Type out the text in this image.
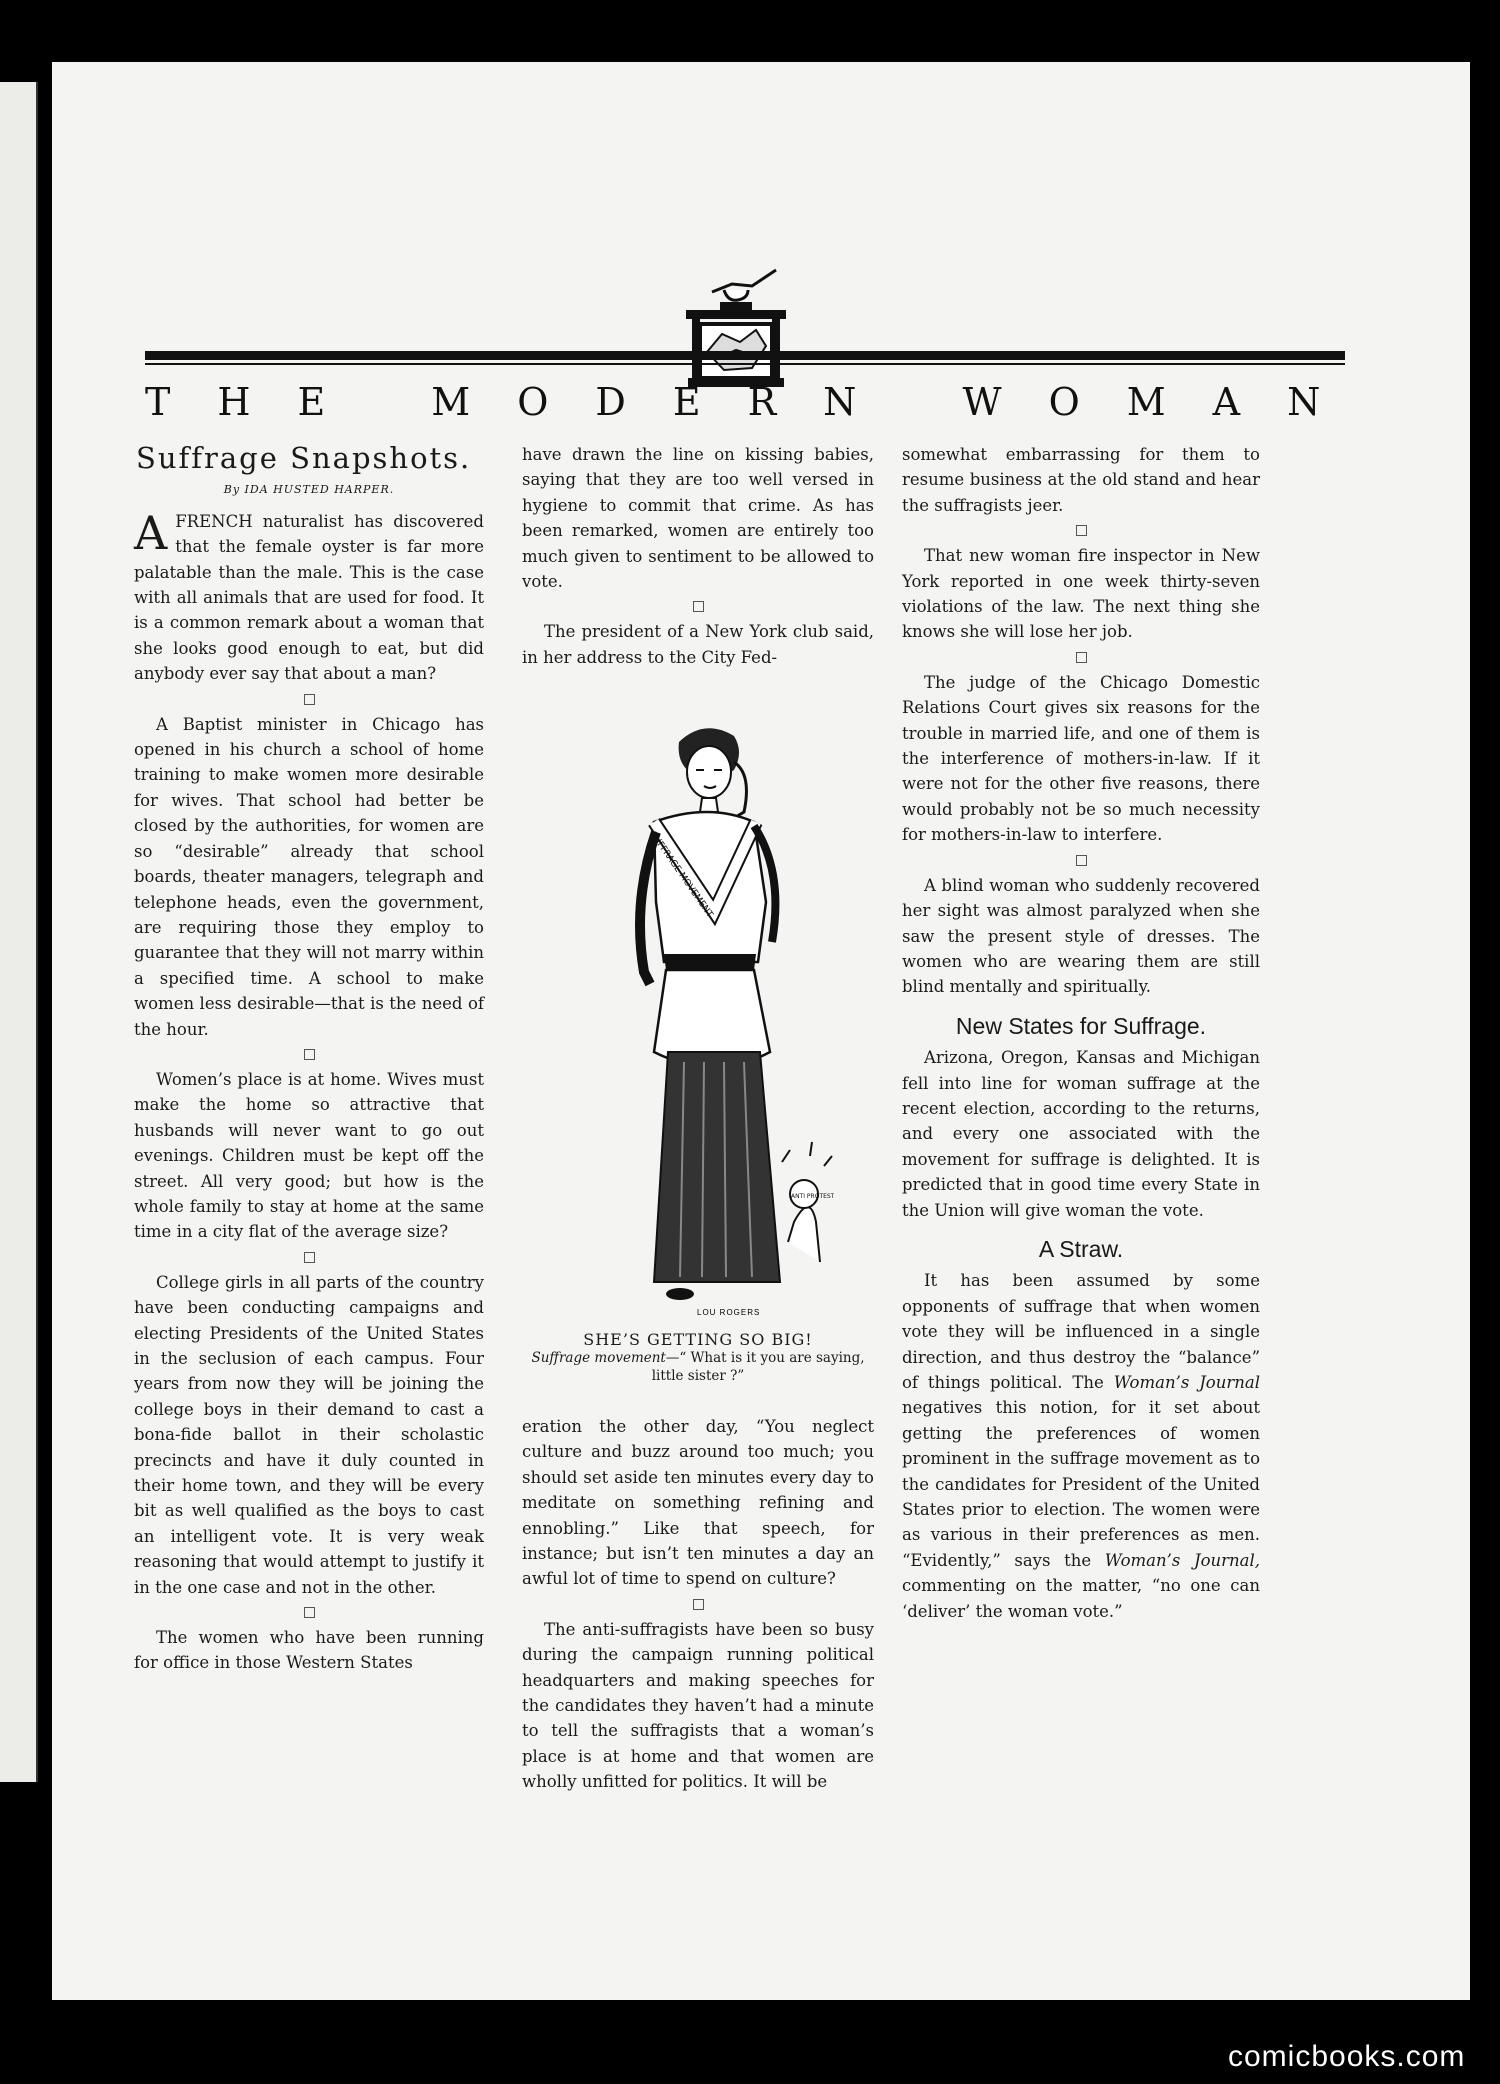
THE MODERN WOMAN
Suffrage Snapshots.
By IDA HUSTED HARPER.

AFRENCH naturalist has discovered that the female oyster is far more palatable than the male. This is the case with all animals that are used for food. It is a common remark about a woman that she looks good enough to eat, but did anybody ever say that about a man?

A Baptist minister in Chicago has opened in his church a school of home training to make women more desirable for wives. That school had better be closed by the authorities, for women are so “desirable” already that school boards, theater managers, telegraph and telephone heads, even the government, are requiring those they employ to guarantee that they will not marry within a specified time. A school to make women less desirable—that is the need of the hour.

Women’s place is at home. Wives must make the home so attractive that husbands will never want to go out evenings. Children must be kept off the street. All very good; but how is the whole family to stay at home at the same time in a city flat of the average size?

College girls in all parts of the country have been conducting campaigns and electing Presidents of the United States in the seclusion of each campus. Four years from now they will be joining the college boys in their demand to cast a bona-fide ballot in their scholastic precincts and have it duly counted in their home town, and they will be every bit as well qualified as the boys to cast an intelligent vote. It is very weak reasoning that would attempt to justify it in the one case and not in the other.

The women who have been running for office in those Western States

have drawn the line on kissing babies, saying that they are too well versed in hygiene to commit that crime. As has been remarked, women are entirely too much given to sentiment to be allowed to vote.

The president of a New York club said, in her address to the City Fed-

SUFFRAGE MOVEMENT
ANTI PROTEST
LOU ROGERS
SHE’S GETTING SO BIG!
Suffrage movement—“ What is it you are saying, little sister ?”

eration the other day, “You neglect culture and buzz around too much; you should set aside ten minutes every day to meditate on something refining and ennobling.” Like that speech, for instance; but isn’t ten minutes a day an awful lot of time to spend on culture?

The anti-suffragists have been so busy during the campaign running political headquarters and making speeches for the candidates they haven’t had a minute to tell the suffragists that a woman’s place is at home and that women are wholly unfitted for politics. It will be

somewhat embarrassing for them to resume business at the old stand and hear the suffragists jeer.

That new woman fire inspector in New York reported in one week thirty-seven violations of the law. The next thing she knows she will lose her job.

The judge of the Chicago Domestic Relations Court gives six reasons for the trouble in married life, and one of them is the interference of mothers-in-law. If it were not for the other five reasons, there would probably not be so much necessity for mothers-in-law to interfere.

A blind woman who suddenly recovered her sight was almost paralyzed when she saw the present style of dresses. The women who are wearing them are still blind mentally and spiritually.

New States for Suffrage.

Arizona, Oregon, Kansas and Michigan fell into line for woman suffrage at the recent election, according to the returns, and every one associated with the movement for suffrage is delighted. It is predicted that in good time every State in the Union will give woman the vote.

A Straw.

It has been assumed by some opponents of suffrage that when women vote they will be influenced in a single direction, and thus destroy the “balance” of things political. The Woman’s Journal negatives this notion, for it set about getting the preferences of women prominent in the suffrage movement as to the candidates for President of the United States prior to election. The women were as various in their preferences as men. “Evidently,” says the Woman’s Journal, commenting on the matter, “no one can ‘deliver’ the woman vote.”

comicbooks.com
